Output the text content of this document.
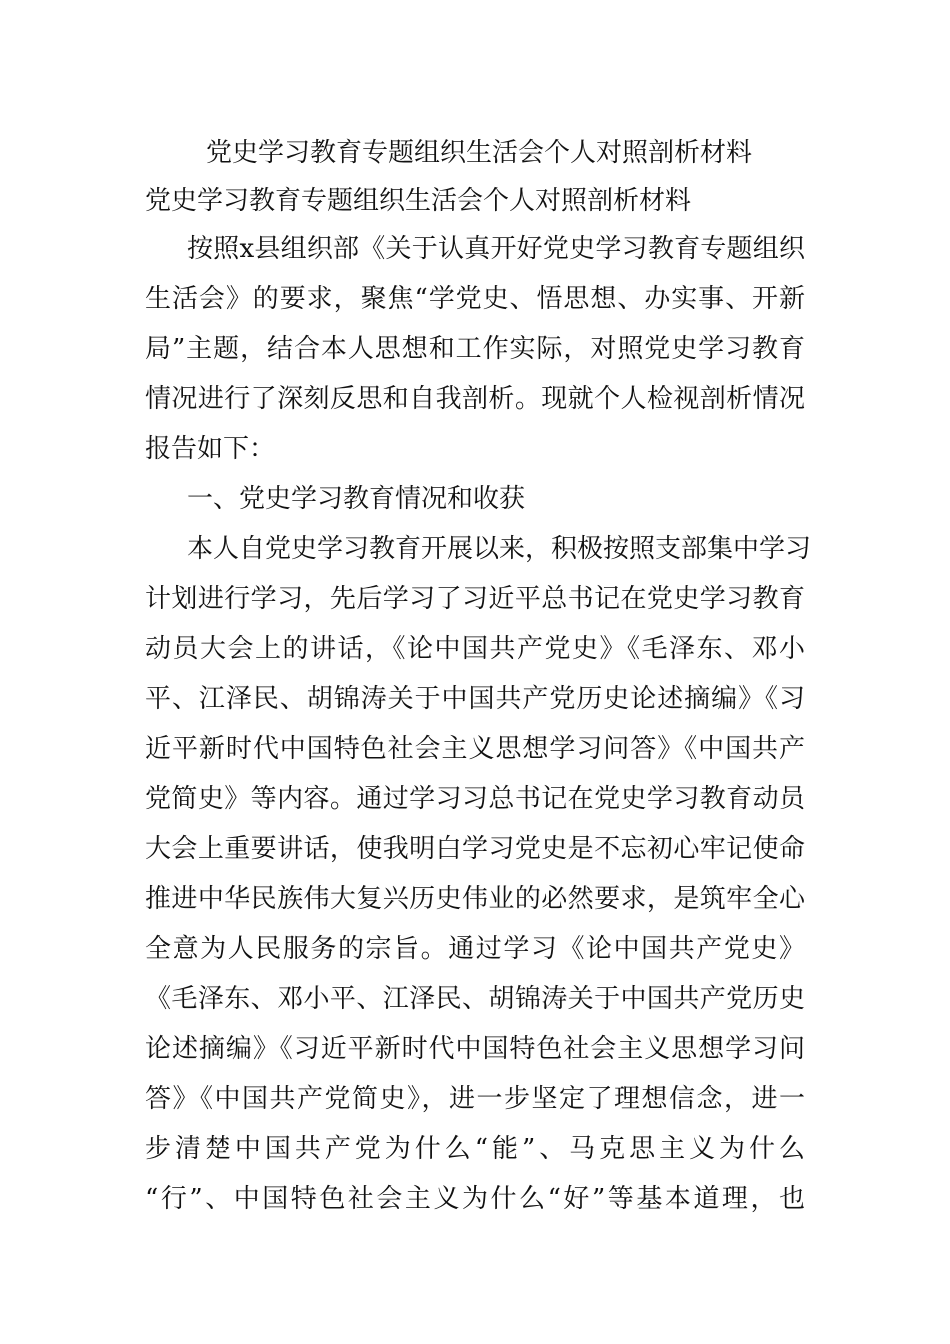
党史学习教育专题组织生活会个人对照剖析材料
党史学习教育专题组织生活会个人对照剖析材料

按照x县组织部《关于认真开好党史学习教育专题组织

生活会》的要求，聚焦“学党史、悟思想、办实事、开新

局”主题，结合本人思想和工作实际，对照党史学习教育

情况进行了深刻反思和自我剖析。现就个人检视剖析情况

报告如下：

一、党史学习教育情况和收获

本人自党史学习教育开展以来，积极按照支部集中学习

计划进行学习，先后学习了习近平总书记在党史学习教育

动员大会上的讲话，《论中国共产党史》《毛泽东、邓小

平、江泽民、胡锦涛关于中国共产党历史论述摘编》《习

近平新时代中国特色社会主义思想学习问答》《中国共产

党简史》等内容。通过学习习总书记在党史学习教育动员

大会上重要讲话，使我明白学习党史是不忘初心牢记使命

推进中华民族伟大复兴历史伟业的必然要求，是筑牢全心

全意为人民服务的宗旨。通过学习《论中国共产党史》

《毛泽东、邓小平、江泽民、胡锦涛关于中国共产党历史

论述摘编》《习近平新时代中国特色社会主义思想学习问

答》《中国共产党简史》，进一步坚定了理想信念，进一

步清楚中国共产党为什么“能”、马克思主义为什么

“行”、中国特色社会主义为什么“好”等基本道理，也
